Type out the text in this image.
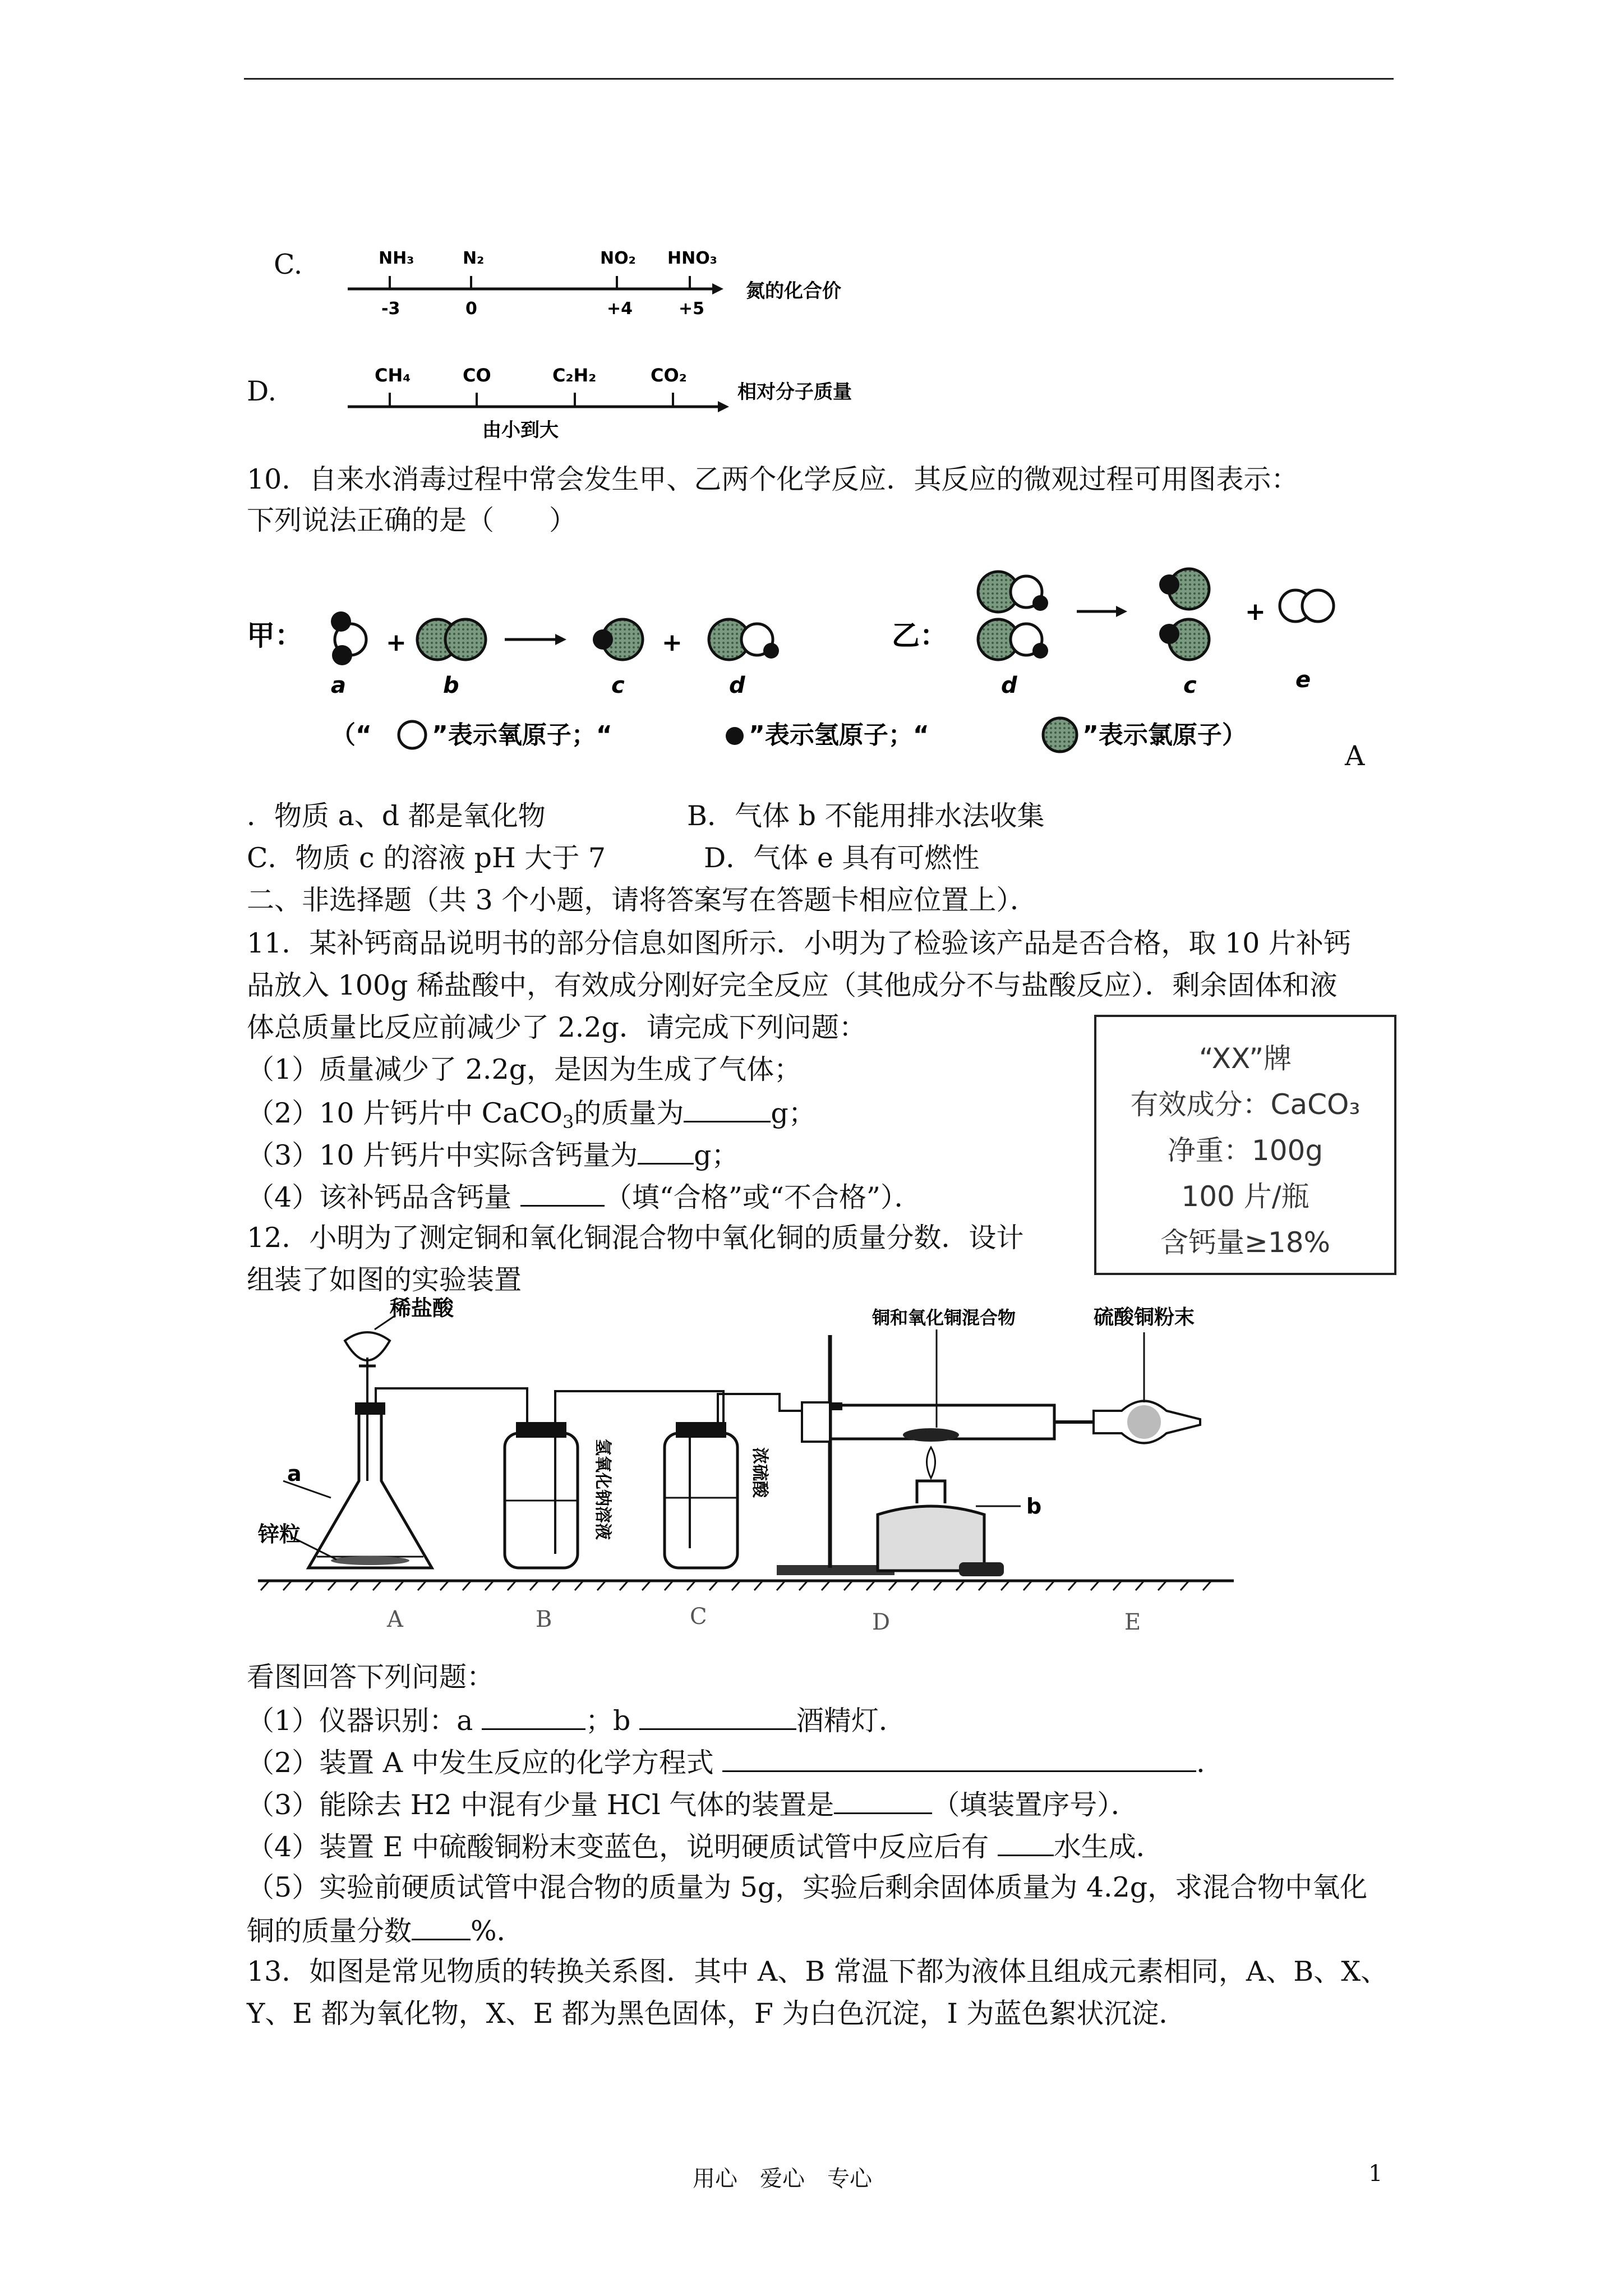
C.	NH₃	N₂	NO₂ HNO₃
-3	0	+4	+5
氮的化合价
D.	CH₄	CO	C₂H₂	CO₂
由小到大
相对分子质量
10．自来水消毒过程中常会发生甲、乙两个化学反应．其反应的微观过程可用图表示：
下列说法正确的是（　　）
甲：	+	+
a	b	c	d
乙：
+
d	c	e
（“ ”表示氧原子；“	”表示氢原子；“	”表示氯原子）
A
．物质 a、d 都是氧化物	B．气体 b 不能用排水法收集
C．物质 c 的溶液 pH 大于 7	D．气体 e 具有可燃性
二、非选择题（共 3 个小题，请将答案写在答题卡相应位置上）．
11．某补钙商品说明书的部分信息如图所示．小明为了检验该产品是否合格，取 10 片补钙
品放入 100g 稀盐酸中，有效成分刚好完全反应（其他成分不与盐酸反应）．剩余固体和液
体总质量比反应前减少了 2.2g．请完成下列问题：
（1）质量减少了 2.2g，是因为生成了气体；
（2）10 片钙片中 CaCO$_3$的质量为	g；
（3）10 片钙片中实际含钙量为 g；
（4）该补钙品含钙量	（填“合格”或“不合格”）．
“XX”牌
有效成分：CaCO₃
净重：100g
100 片/瓶
含钙量≥18%
12．小明为了测定铜和氧化铜混合物中氧化铜的质量分数．设计
组装了如图的实验装置
稀盐酸
a
锌粒	氢氧化钠溶液	浓硫酸
铜和氧化铜混合物
b
硫酸铜粉末
A	B	C	D	E
看图回答下列问题：
（1）仪器识别：a	；b	酒精灯．
（2）装置 A 中发生反应的化学方程式	．
（3）能除去 H2 中混有少量 HCl 气体的装置是	（填装置序号）．
（4）装置 E 中硫酸铜粉末变蓝色，说明硬质试管中反应后有 水生成．
（5）实验前硬质试管中混合物的质量为 5g，实验后剩余固体质量为 4.2g，求混合物中氧化
铜的质量分数 %．
13．如图是常见物质的转换关系图．其中 A、B 常温下都为液体且组成元素相同，A、B、X、
Y、E 都为氧化物，X、E 都为黑色固体，F 为白色沉淀，I 为蓝色絮状沉淀．
用心　爱心　专心	1
